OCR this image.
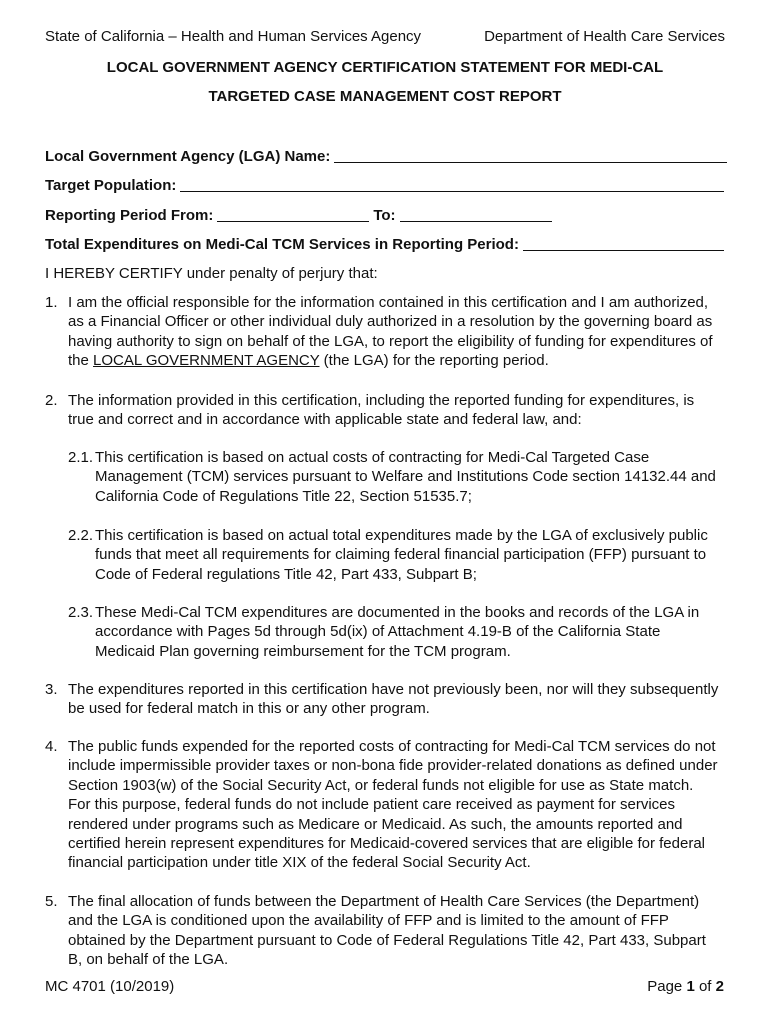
State of California – Health and Human Services Agency	Department of Health Care Services
LOCAL GOVERNMENT AGENCY CERTIFICATION STATEMENT FOR MEDI-CAL
TARGETED CASE MANAGEMENT COST REPORT
Local Government Agency (LGA) Name:
Target Population:
Reporting Period From:	To:
Total Expenditures on Medi-Cal TCM Services in Reporting Period:
I HEREBY CERTIFY under penalty of perjury that:
1. I am the official responsible for the information contained in this certification and I am authorized,
as a Financial Officer or other individual duly authorized in a resolution by the governing board as
having authority to sign on behalf of the LGA, to report the eligibility of funding for expenditures of
the LOCAL GOVERNMENT AGENCY (the LGA) for the reporting period.
2. The information provided in this certification, including the reported funding for expenditures, is
true and correct and in accordance with applicable state and federal law, and:
2.1. This certification is based on actual costs of contracting for Medi-Cal Targeted Case
Management (TCM) services pursuant to Welfare and Institutions Code section 14132.44 and
California Code of Regulations Title 22, Section 51535.7;
2.2. This certification is based on actual total expenditures made by the LGA of exclusively public
funds that meet all requirements for claiming federal financial participation (FFP) pursuant to
Code of Federal regulations Title 42, Part 433, Subpart B;
2.3. These Medi-Cal TCM expenditures are documented in the books and records of the LGA in
accordance with Pages 5d through 5d(ix) of Attachment 4.19-B of the California State
Medicaid Plan governing reimbursement for the TCM program.
3. The expenditures reported in this certification have not previously been, nor will they subsequently
be used for federal match in this or any other program.
4. The public funds expended for the reported costs of contracting for Medi-Cal TCM services do not
include impermissible provider taxes or non-bona fide provider-related donations as defined under
Section 1903(w) of the Social Security Act, or federal funds not eligible for use as State match.
For this purpose, federal funds do not include patient care received as payment for services
rendered under programs such as Medicare or Medicaid. As such, the amounts reported and
certified herein represent expenditures for Medicaid-covered services that are eligible for federal
financial participation under title XIX of the federal Social Security Act.
5. The final allocation of funds between the Department of Health Care Services (the Department)
and the LGA is conditioned upon the availability of FFP and is limited to the amount of FFP
obtained by the Department pursuant to Code of Federal Regulations Title 42, Part 433, Subpart
B, on behalf of the LGA.
MC 4701 (10/2019)	Page 1 of 2
